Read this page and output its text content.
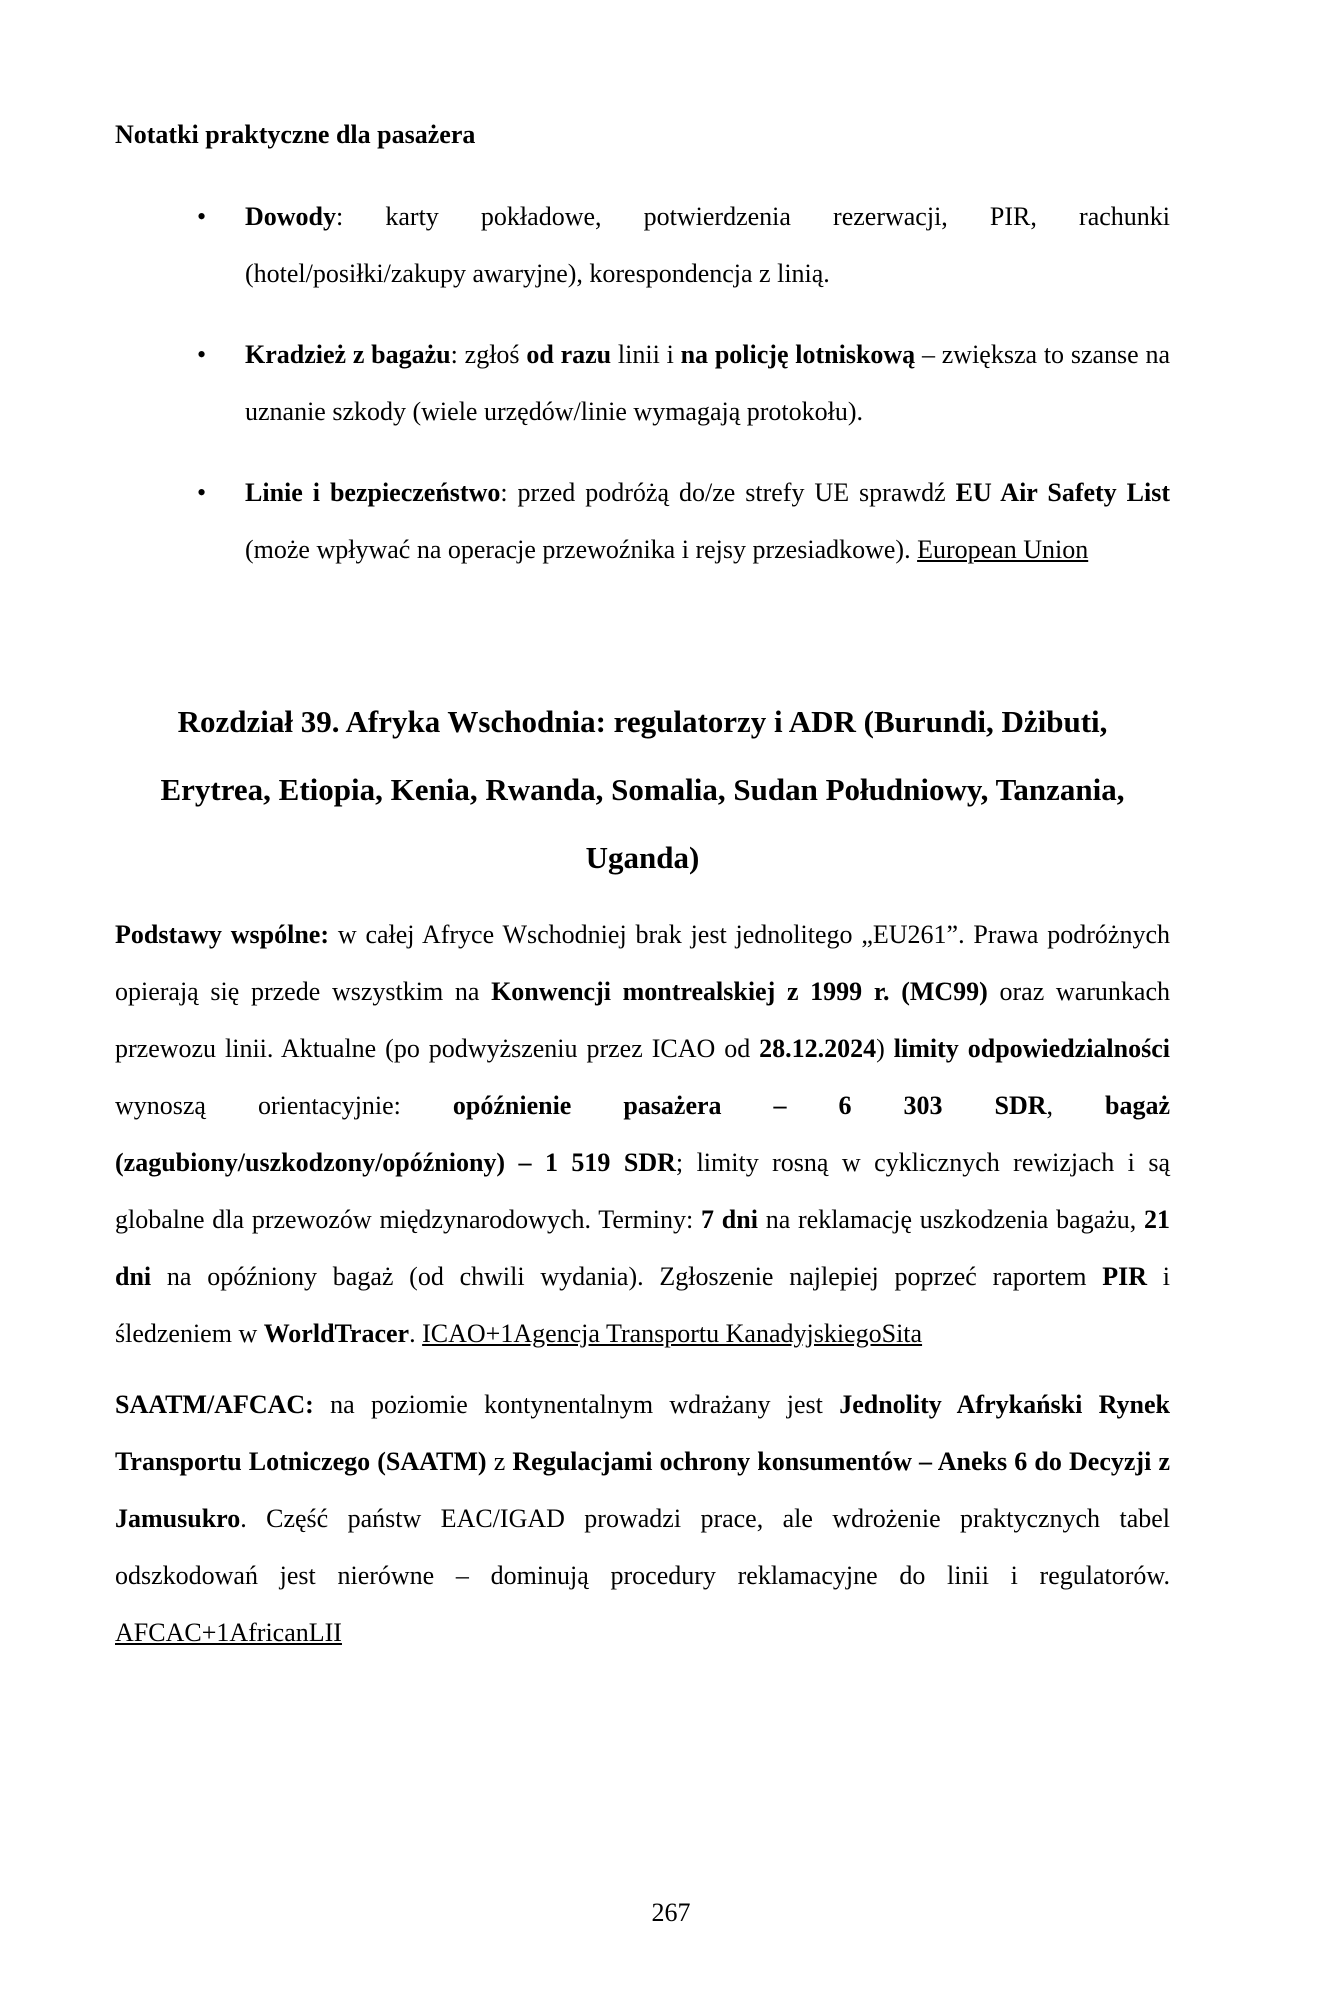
Notatki praktyczne dla pasażera
• Dowody: karty pokładowe, potwierdzenia rezerwacji, PIR, rachunki (hotel/posiłki/zakupy awaryjne), korespondencja z linią.
• Kradzież z bagażu: zgłoś od razu linii i na policję lotniskową – zwiększa to szanse na uznanie szkody (wiele urzędów/linie wymagają protokołu).
• Linie i bezpieczeństwo: przed podróżą do/ze strefy UE sprawdź EU Air Safety List (może wpływać na operacje przewoźnika i rejsy przesiadkowe). European Union
Rozdział 39. Afryka Wschodnia: regulatorzy i ADR (Burundi, Dżibuti, Erytrea, Etiopia, Kenia, Rwanda, Somalia, Sudan Południowy, Tanzania, Uganda)

Podstawy wspólne: w całej Afryce Wschodniej brak jest jednolitego „EU261”. Prawa podróżnych opierają się przede wszystkim na Konwencji montrealskiej z 1999 r. (MC99) oraz warunkach przewozu linii. Aktualne (po podwyższeniu przez ICAO od 28.12.2024) limity odpowiedzialności wynoszą orientacyjnie: opóźnienie pasażera – 6 303 SDR, bagaż (zagubiony/uszkodzony/opóźniony) – 1 519 SDR; limity rosną w cyklicznych rewizjach i są globalne dla przewozów międzynarodowych. Terminy: 7 dni na reklamację uszkodzenia bagażu, 21 dni na opóźniony bagaż (od chwili wydania). Zgłoszenie najlepiej poprzeć raportem PIR i śledzeniem w WorldTracer. ICAO+1Agencja Transportu KanadyjskiegoSita

SAATM/AFCAC: na poziomie kontynentalnym wdrażany jest Jednolity Afrykański Rynek Transportu Lotniczego (SAATM) z Regulacjami ochrony konsumentów – Aneks 6 do Decyzji z Jamusukro. Część państw EAC/IGAD prowadzi prace, ale wdrożenie praktycznych tabel odszkodowań jest nierówne – dominują procedury reklamacyjne do linii i regulatorów. AFCAC+1AfricanLII

267
